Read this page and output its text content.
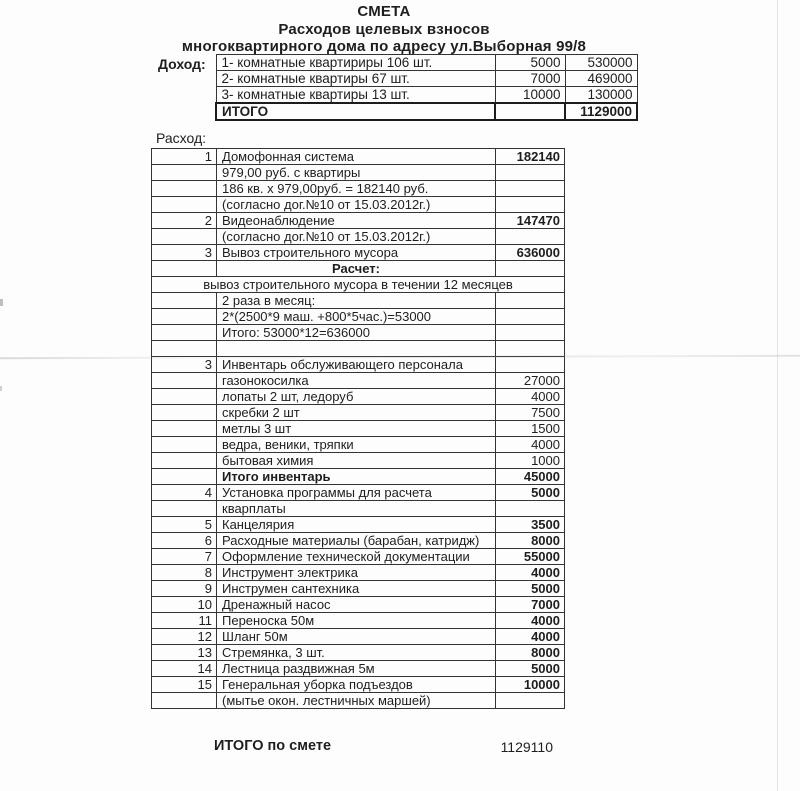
СМЕТА
Расходов целевых взносов
многоквартирного дома по адресу ул.Выборная 99/8
Доход: 1- комнатные квартириры 106 шт.	5000	530000
2- комнатные квартиры 67 шт.	7000	469000
3- комнатные квартиры 13 шт.	10000	130000
ИТОГО		1129000
Расход:
1	Домофонная система	182140
	979,00 руб. с квартиры	
	186 кв. x 979,00руб. = 182140 руб.	
	(согласно дог.№10 от 15.03.2012г.)	
2	Видеонаблюдение	147470
	(согласно дог.№10 от 15.03.2012г.)	
3	Вывоз строительного мусора	636000
	Расчет:	
вывоз строительного мусора в течении 12 месяцев		
	2 раза в месяц:	
	2*(2500*9 маш. +800*5час.)=53000	
	Итого: 53000*12=636000	

3	Инвентарь обслуживающего персонала	
	газонокосилка	27000
	лопаты 2 шт, ледоруб	4000
	скребки 2 шт	7500
	метлы 3 шт	1500
	ведра, веники, тряпки	4000
	бытовая химия	1000
	Итого инвентарь	45000
4	Установка программы для расчета	5000
	кварплаты	
5	Канцелярия	3500
6	Расходные материалы (барабан, катридж)	8000
7	Оформление технической документации	55000
8	Инструмент электрика	4000
9	Инструмен сантехника	5000
10	Дренажный насос	7000
11	Переноска 50м	4000
12	Шланг 50м	4000
13	Стремянка, 3 шт.	8000
14	Лестница раздвижная 5м	5000
15	Генеральная уборка подъездов	10000
	(мытье окон. лестничных маршей)	
ИТОГО по смете	1129110
